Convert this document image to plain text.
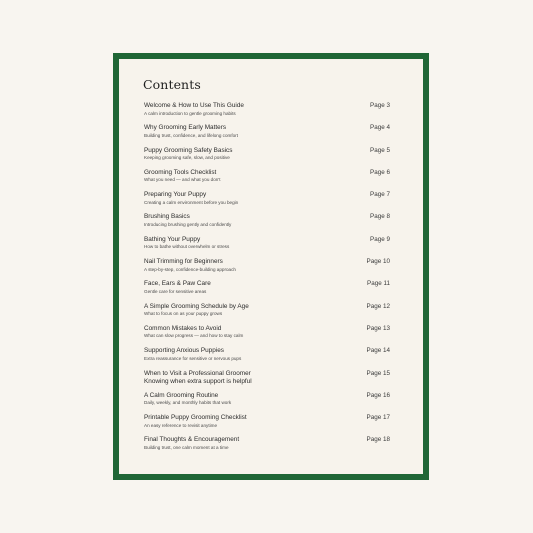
Contents
Welcome & How to Use This Guide
A calm introduction to gentle grooming habits
Page 3
Why Grooming Early Matters
Building trust, confidence, and lifelong comfort
Page 4
Puppy Grooming Safety Basics
Keeping grooming safe, slow, and positive
Page 5
Grooming Tools Checklist
What you need — and what you don't
Page 6
Preparing Your Puppy
Creating a calm environment before you begin
Page 7
Brushing Basics
Introducing brushing gently and confidently
Page 8
Bathing Your Puppy
How to bathe without overwhelm or stress
Page 9
Nail Trimming for Beginners
A step-by-step, confidence-building approach
Page 10
Face, Ears & Paw Care
Gentle care for sensitive areas
Page 11
A Simple Grooming Schedule by Age
What to focus on as your puppy grows
Page 12
Common Mistakes to Avoid
What can slow progress — and how to stay calm
Page 13
Supporting Anxious Puppies
Extra reassurance for sensitive or nervous pups
Page 14
When to Visit a Professional Groomer
Knowing when extra support is helpful
Page 15
A Calm Grooming Routine
Daily, weekly, and monthly habits that work
Page 16
Printable Puppy Grooming Checklist
An easy reference to revisit anytime
Page 17
Final Thoughts & Encouragement
Building trust, one calm moment at a time
Page 18
